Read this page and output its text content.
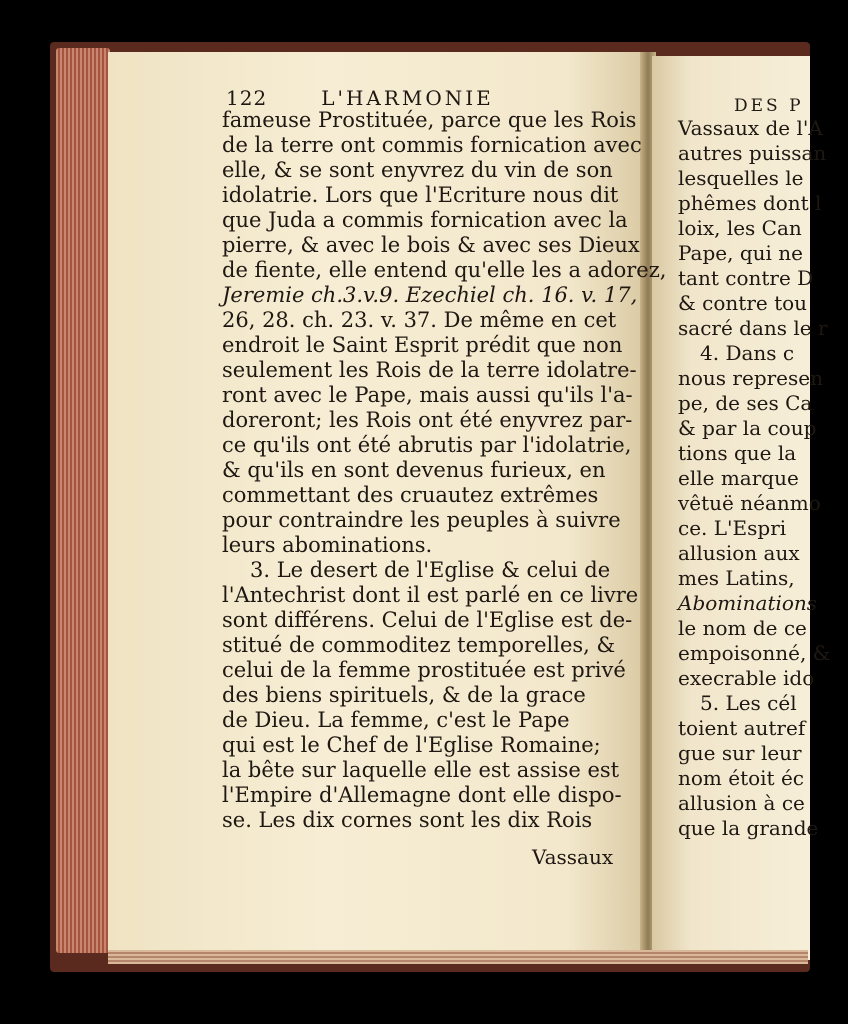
122	L'HARMONIE
fameuse Prostituée, parce que les Rois
de la terre ont commis fornication avec
elle, & se sont enyvrez du vin de son
idolatrie. Lors que l'Ecriture nous dit
que Juda a commis fornication avec la
pierre, & avec le bois & avec ses Dieux
de fiente, elle entend qu'elle les a adorez,
Jeremie ch.3.v.9. Ezechiel ch. 16. v. 17,
26, 28. ch. 23. v. 37. De même en cet
endroit le Saint Esprit prédit que non
seulement les Rois de la terre idolatre-
ront avec le Pape, mais aussi qu'ils l'a-
doreront; les Rois ont été enyvrez par-
ce qu'ils ont été abrutis par l'idolatrie,
& qu'ils en sont devenus furieux, en
commettant des cruautez extrêmes
pour contraindre les peuples à suivre
leurs abominations.
3. Le desert de l'Eglise & celui de
l'Antechrist dont il est parlé en ce livre
sont différens. Celui de l'Eglise est de-
stitué de commoditez temporelles, &
celui de la femme prostituée est privé
des biens spirituels, & de la grace
de Dieu. La femme, c'est le Pape
qui est le Chef de l'Eglise Romaine;
la bête sur laquelle elle est assise est
l'Empire d'Allemagne dont elle dispo-
se. Les dix cornes sont les dix Rois
Vassaux
DES P
Vassaux de l'A
autres puissan
lesquelles le
phêmes dont l
loix, les Can
Pape, qui ne
tant contre D
& contre tou
sacré dans le r
4. Dans c
nous represen
pe, de ses Ca
& par la coup
tions que la
elle marque
vêtuë néanmo
ce. L'Espri
allusion aux
mes Latins,
Abominations
le nom de ce
empoisonné, &
execrable ido
5. Les cél
toient autref
gue sur leur
nom étoit éc
allusion à ce
que la grande
